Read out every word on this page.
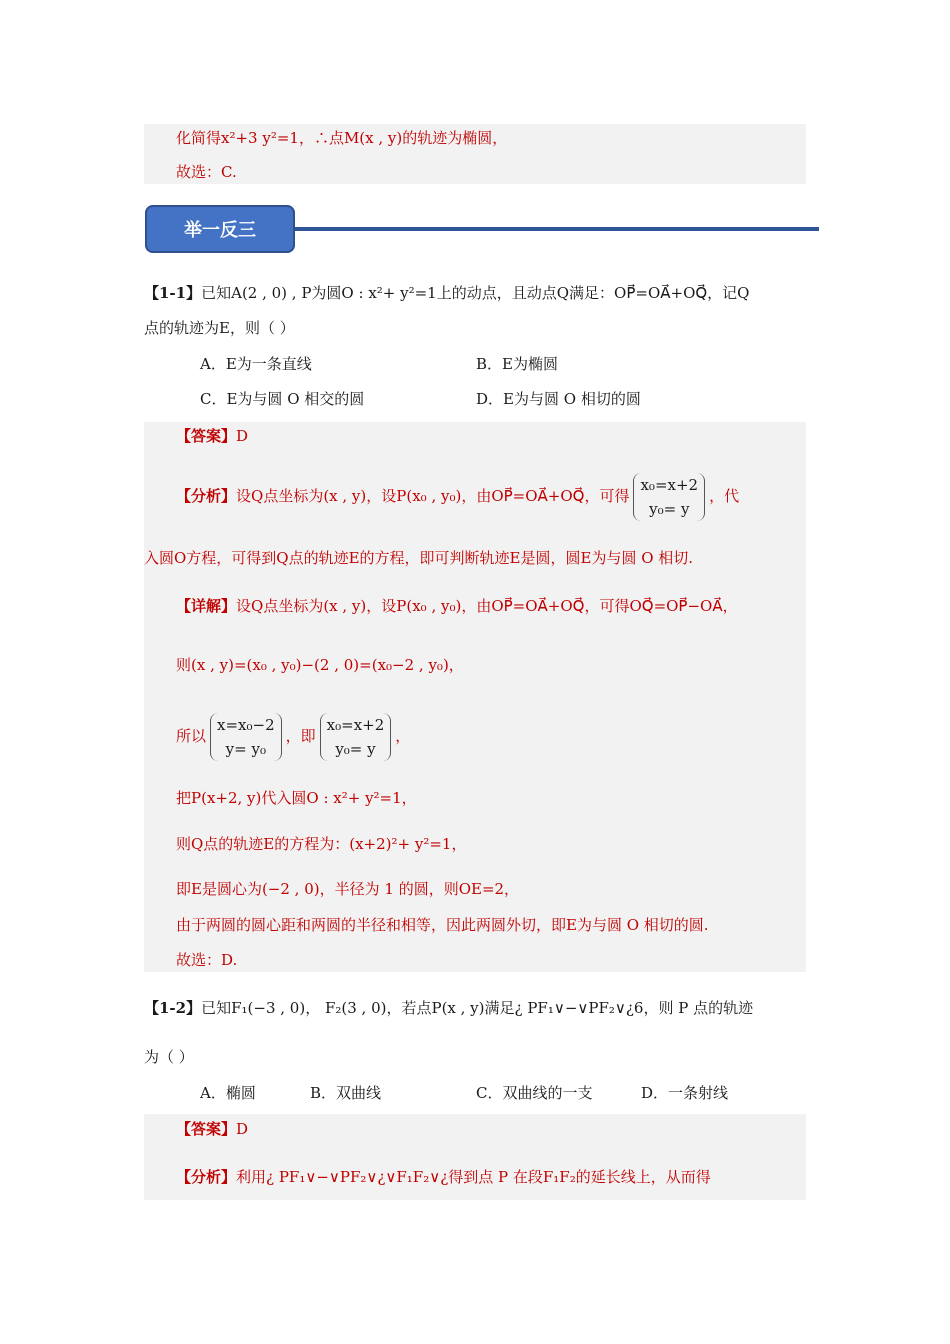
化简得x²+3 y²=1，∴点M(x , y)的轨迹为椭圆，
故选：C.
举一反三
【1-1】已知A(2 , 0) , P为圆O : x²+ y²=1上的动点，且动点Q满足：OP⃗=OA⃗+OQ⃗，记Q
点的轨迹为E，则（ ）
A．E为一条直线	B．E为椭圆
C．E为与圆 O 相交的圆	D．E为与圆 O 相切的圆
【答案】D
【分析】设Q点坐标为(x , y)，设P(x₀ , y₀)，由OP⃗=OA⃗+OQ⃗，可得
x₀=x+2
y₀= y
，代
入圆O方程，可得到Q点的轨迹E的方程，即可判断轨迹E是圆，圆E为与圆 O 相切.
【详解】设Q点坐标为(x , y)，设P(x₀ , y₀)，由OP⃗=OA⃗+OQ⃗，可得OQ⃗=OP⃗−OA⃗，
则(x , y)=(x₀ , y₀)−(2 , 0)=(x₀−2 , y₀)，
所以
x=x₀−2
y= y₀
，即
x₀=x+2
y₀= y
，
把P(x+2, y)代入圆O : x²+ y²=1，
则Q点的轨迹E的方程为：(x+2)²+ y²=1，
即E是圆心为(−2 , 0)，半径为 1 的圆，则OE=2，
由于两圆的圆心距和两圆的半径和相等，因此两圆外切，即E为与圆 O 相切的圆.
故选：D.
【1-2】已知F₁(−3 , 0)， F₂(3 , 0)，若点P(x , y)满足¿ PF₁∨−∨PF₂∨¿6，则 P 点的轨迹
为（ ）
A．椭圆	B．双曲线	C．双曲线的一支	D．一条射线
【答案】D
【分析】利用¿ PF₁∨−∨PF₂∨¿∨F₁F₂∨¿得到点 P 在段F₁F₂的延长线上，从而得
